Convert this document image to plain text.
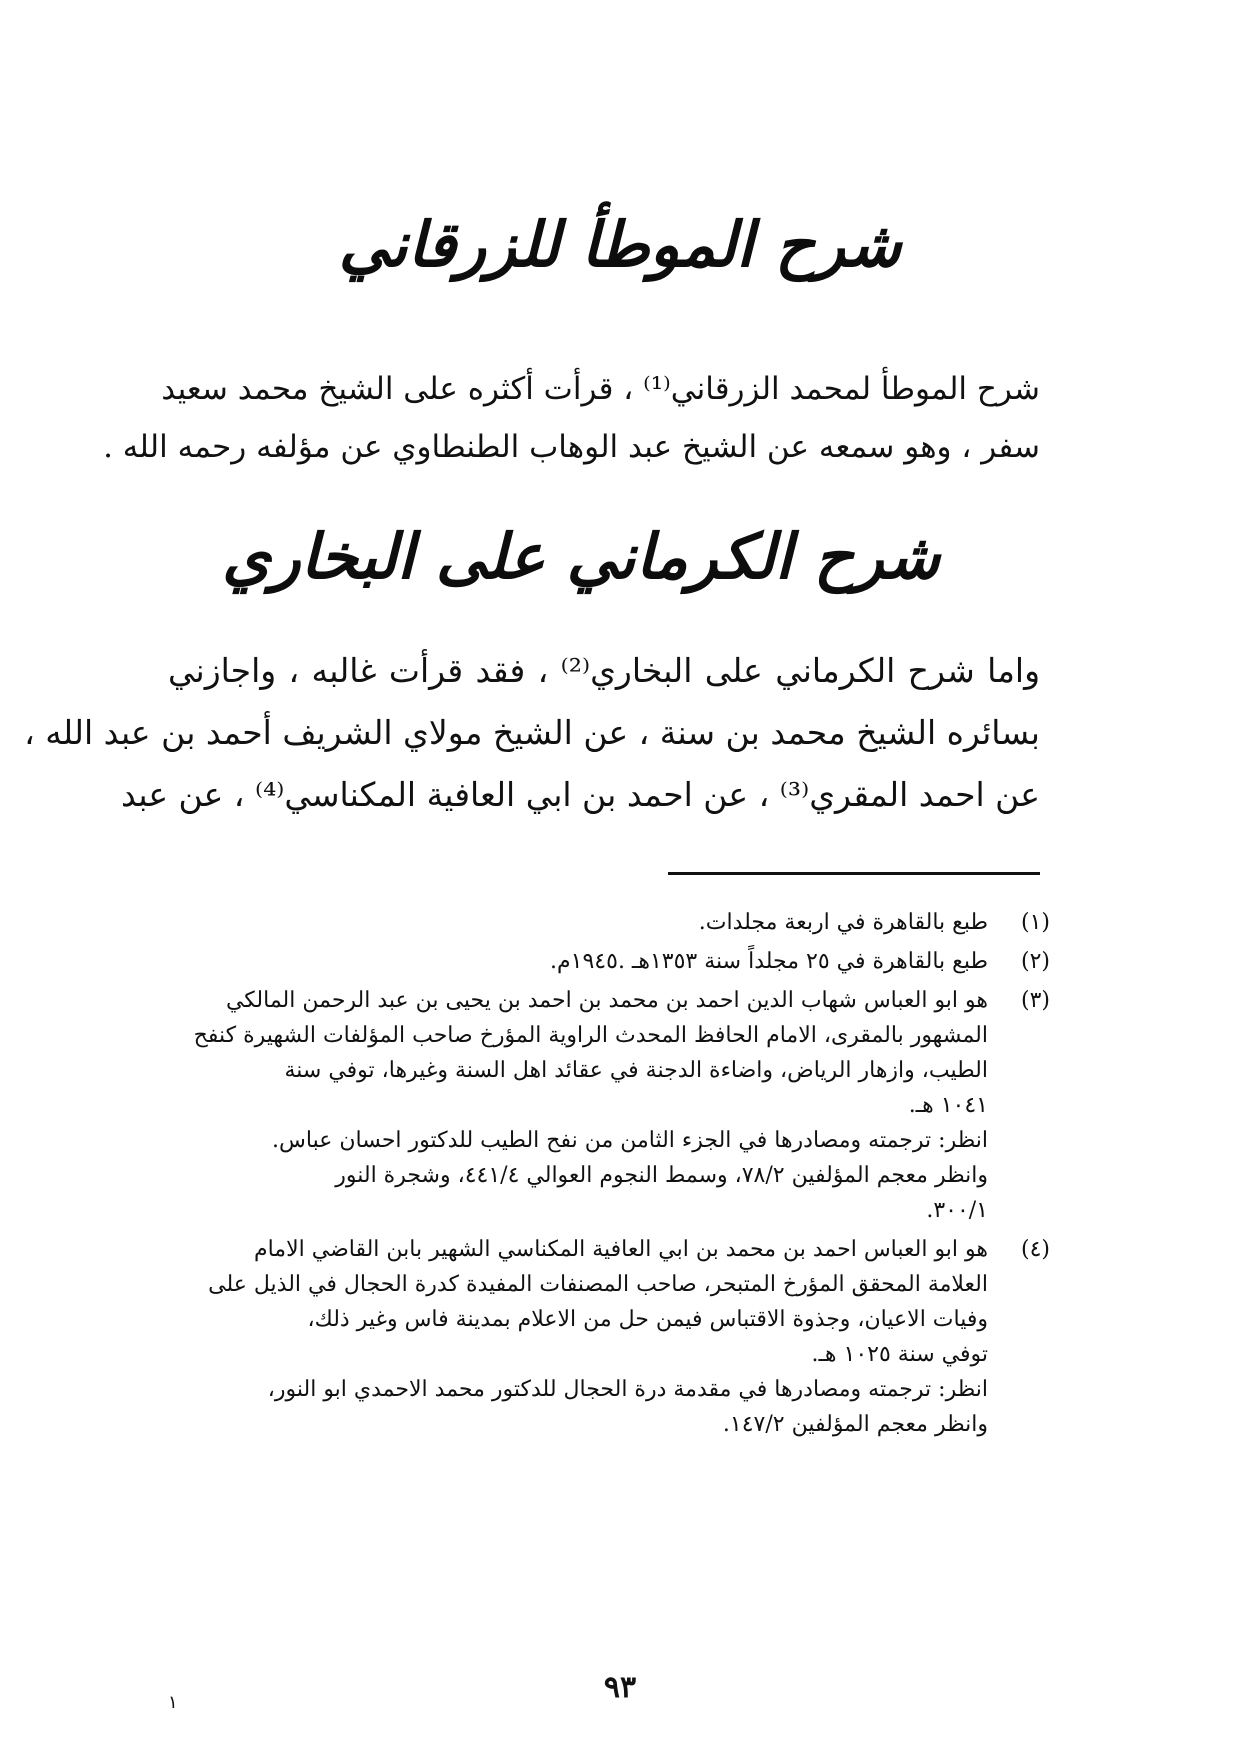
شرح الموطأ للزرقاني
شرح الموطأ لمحمد الزرقاني⁽¹⁾ ، قرأت أكثره على الشيخ محمد سعيد
سفر ، وهو سمعه عن الشيخ عبد الوهاب الطنطاوي عن مؤلفه رحمه الله .
شرح الكرماني على البخاري
واما شرح الكرماني على البخاري⁽²⁾ ، فقد قرأت غالبه ، واجازني
بسائره الشيخ محمد بن سنة ، عن الشيخ مولاي الشريف أحمد بن عبد الله ،
عن احمد المقري⁽³⁾ ، عن احمد بن ابي العافية المكناسي⁽⁴⁾ ، عن عبد
(١)
طبع بالقاهرة في اربعة مجلدات.
(٢)
طبع بالقاهرة في ٢٥ مجلداً سنة ١٣٥٣هـ .١٩٤٥م.
(٣)
هو ابو العباس شهاب الدين احمد بن محمد بن احمد بن يحيى بن عبد الرحمن المالكي
المشهور بالمقرى، الامام الحافظ المحدث الراوية المؤرخ صاحب المؤلفات الشهيرة كنفح
الطيب، وازهار الرياض، واضاءة الدجنة في عقائد اهل السنة وغيرها، توفي سنة
١٠٤١ هـ.
انظر: ترجمته ومصادرها في الجزء الثامن من نفح الطيب للدكتور احسان عباس.
وانظر معجم المؤلفين ٧٨/٢، وسمط النجوم العوالي ٤٤١/٤، وشجرة النور
٣٠٠/١.
(٤)
هو ابو العباس احمد بن محمد بن ابي العافية المكناسي الشهير بابن القاضي الامام
العلامة المحقق المؤرخ المتبحر، صاحب المصنفات المفيدة كدرة الحجال في الذيل على
وفيات الاعيان، وجذوة الاقتباس فيمن حل من الاعلام بمدينة فاس وغير ذلك،
توفي سنة ١٠٢٥ هـ.
انظر: ترجمته ومصادرها في مقدمة درة الحجال للدكتور محمد الاحمدي ابو النور،
وانظر معجم المؤلفين ١٤٧/٢.
٩٣
١
